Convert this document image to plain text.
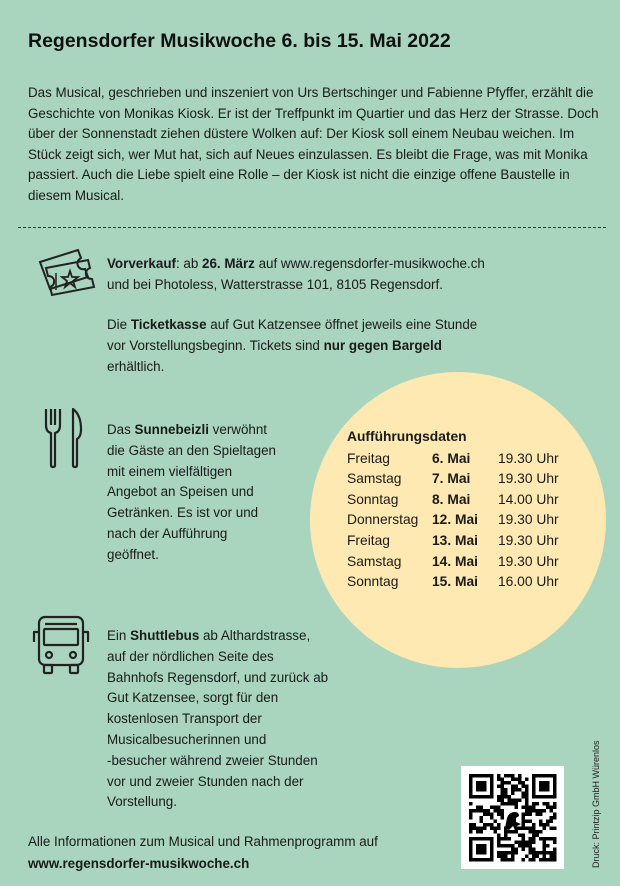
Regensdorfer Musikwoche 6. bis 15. Mai 2022
Das Musical, geschrieben und inszeniert von Urs Bertschinger und Fabienne Pfyffer, erzählt die Geschichte von Monikas Kiosk. Er ist der Treffpunkt im Quartier und das Herz der Strasse. Doch über der Sonnenstadt ziehen düstere Wolken auf: Der Kiosk soll einem Neubau weichen. Im Stück zeigt sich, wer Mut hat, sich auf Neues einzulassen. Es bleibt die Frage, was mit Monika passiert. Auch die Liebe spielt eine Rolle – der Kiosk ist nicht die einzige offene Baustelle in diesem Musical.
Vorverkauf: ab 26. März auf www.regensdorfer-musikwoche.ch
und bei Photoless, Watterstrasse 101, 8105 Regensdorf.
Die Ticketkasse auf Gut Katzensee öffnet jeweils eine Stunde
vor Vorstellungsbeginn. Tickets sind nur gegen Bargeld
erhältlich.
Das Sunnebeizli verwöhnt
die Gäste an den Spieltagen
mit einem vielfältigen
Angebot an Speisen und
Getränken. Es ist vor und
nach der Aufführung
geöffnet.
Aufführungsdaten
Freitag	6. Mai	19.30 Uhr
Samstag	7. Mai	19.30 Uhr
Sonntag	8. Mai	14.00 Uhr
Donnerstag	12. Mai	19.30 Uhr
Freitag	13. Mai	19.30 Uhr
Samstag	14. Mai	19.30 Uhr
Sonntag	15. Mai	16.00 Uhr
Ein Shuttlebus ab Althardstrasse,
auf der nördlichen Seite des
Bahnhofs Regensdorf, und zurück ab
Gut Katzensee, sorgt für den
kostenlosen Transport der
Musicalbesucherinnen und
-besucher während zweier Stunden
vor und zweier Stunden nach der
Vorstellung.
Alle Informationen zum Musical und Rahmenprogramm auf
www.regensdorfer-musikwoche.ch	Druck: Printzip GmbH Würenlos
